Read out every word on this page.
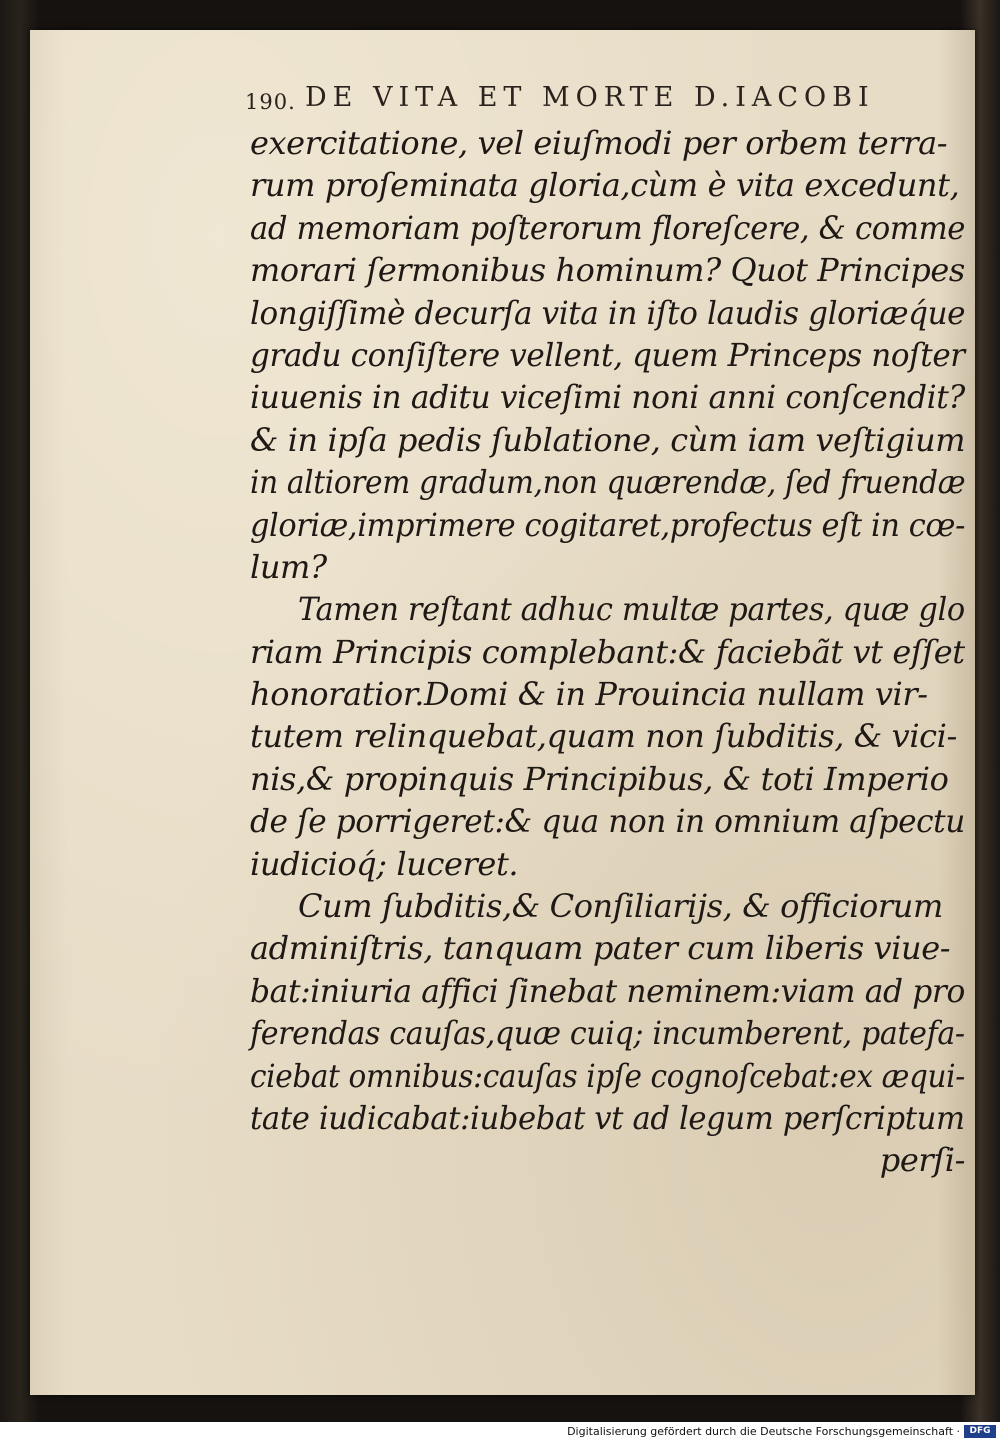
190. DE VITA ET MORTE D.IACOBI
exercitatione, vel eiuſmodi per orbem terra-
rum proſeminata gloria,cùm è vita excedunt,
ad memoriam poſterorum floreſcere, & comme
morari ſermonibus hominum? Quot Principes
longiſſimè decurſa vita in iſto laudis gloriæq́ue
gradu conſiſtere vellent, quem Princeps noſter
iuuenis in aditu viceſimi noni anni conſcendit?
& in ipſa pedis ſublatione, cùm iam veſtigium
in altiorem gradum,non quærendæ, ſed fruendæ
gloriæ,imprimere cogitaret,profectus eſt in cœ-
lum?
Tamen reſtant adhuc multæ partes, quæ glo
riam Principis complebant:& faciebãt vt eſſet
honoratior.Domi & in Prouincia nullam vir-
tutem relinquebat,quam non ſubditis, & vici-
nis,& propinquis Principibus, & toti Imperio
de ſe porrigeret:& qua non in omnium aſpectu
iudicioq́; luceret.
Cum ſubditis,& Conſiliarijs, & officiorum
adminiſtris, tanquam pater cum liberis viue-
bat:iniuria affici ſinebat neminem:viam ad pro
ferendas cauſas,quæ cuiq; incumberent, patefa-
ciebat omnibus:cauſas ipſe cognoſcebat:ex æqui-
tate iudicabat:iubebat vt ad legum perſcriptum
perſi-
Digitalisierung gefördert durch die Deutsche Forschungsgemeinschaft ·	DFG
